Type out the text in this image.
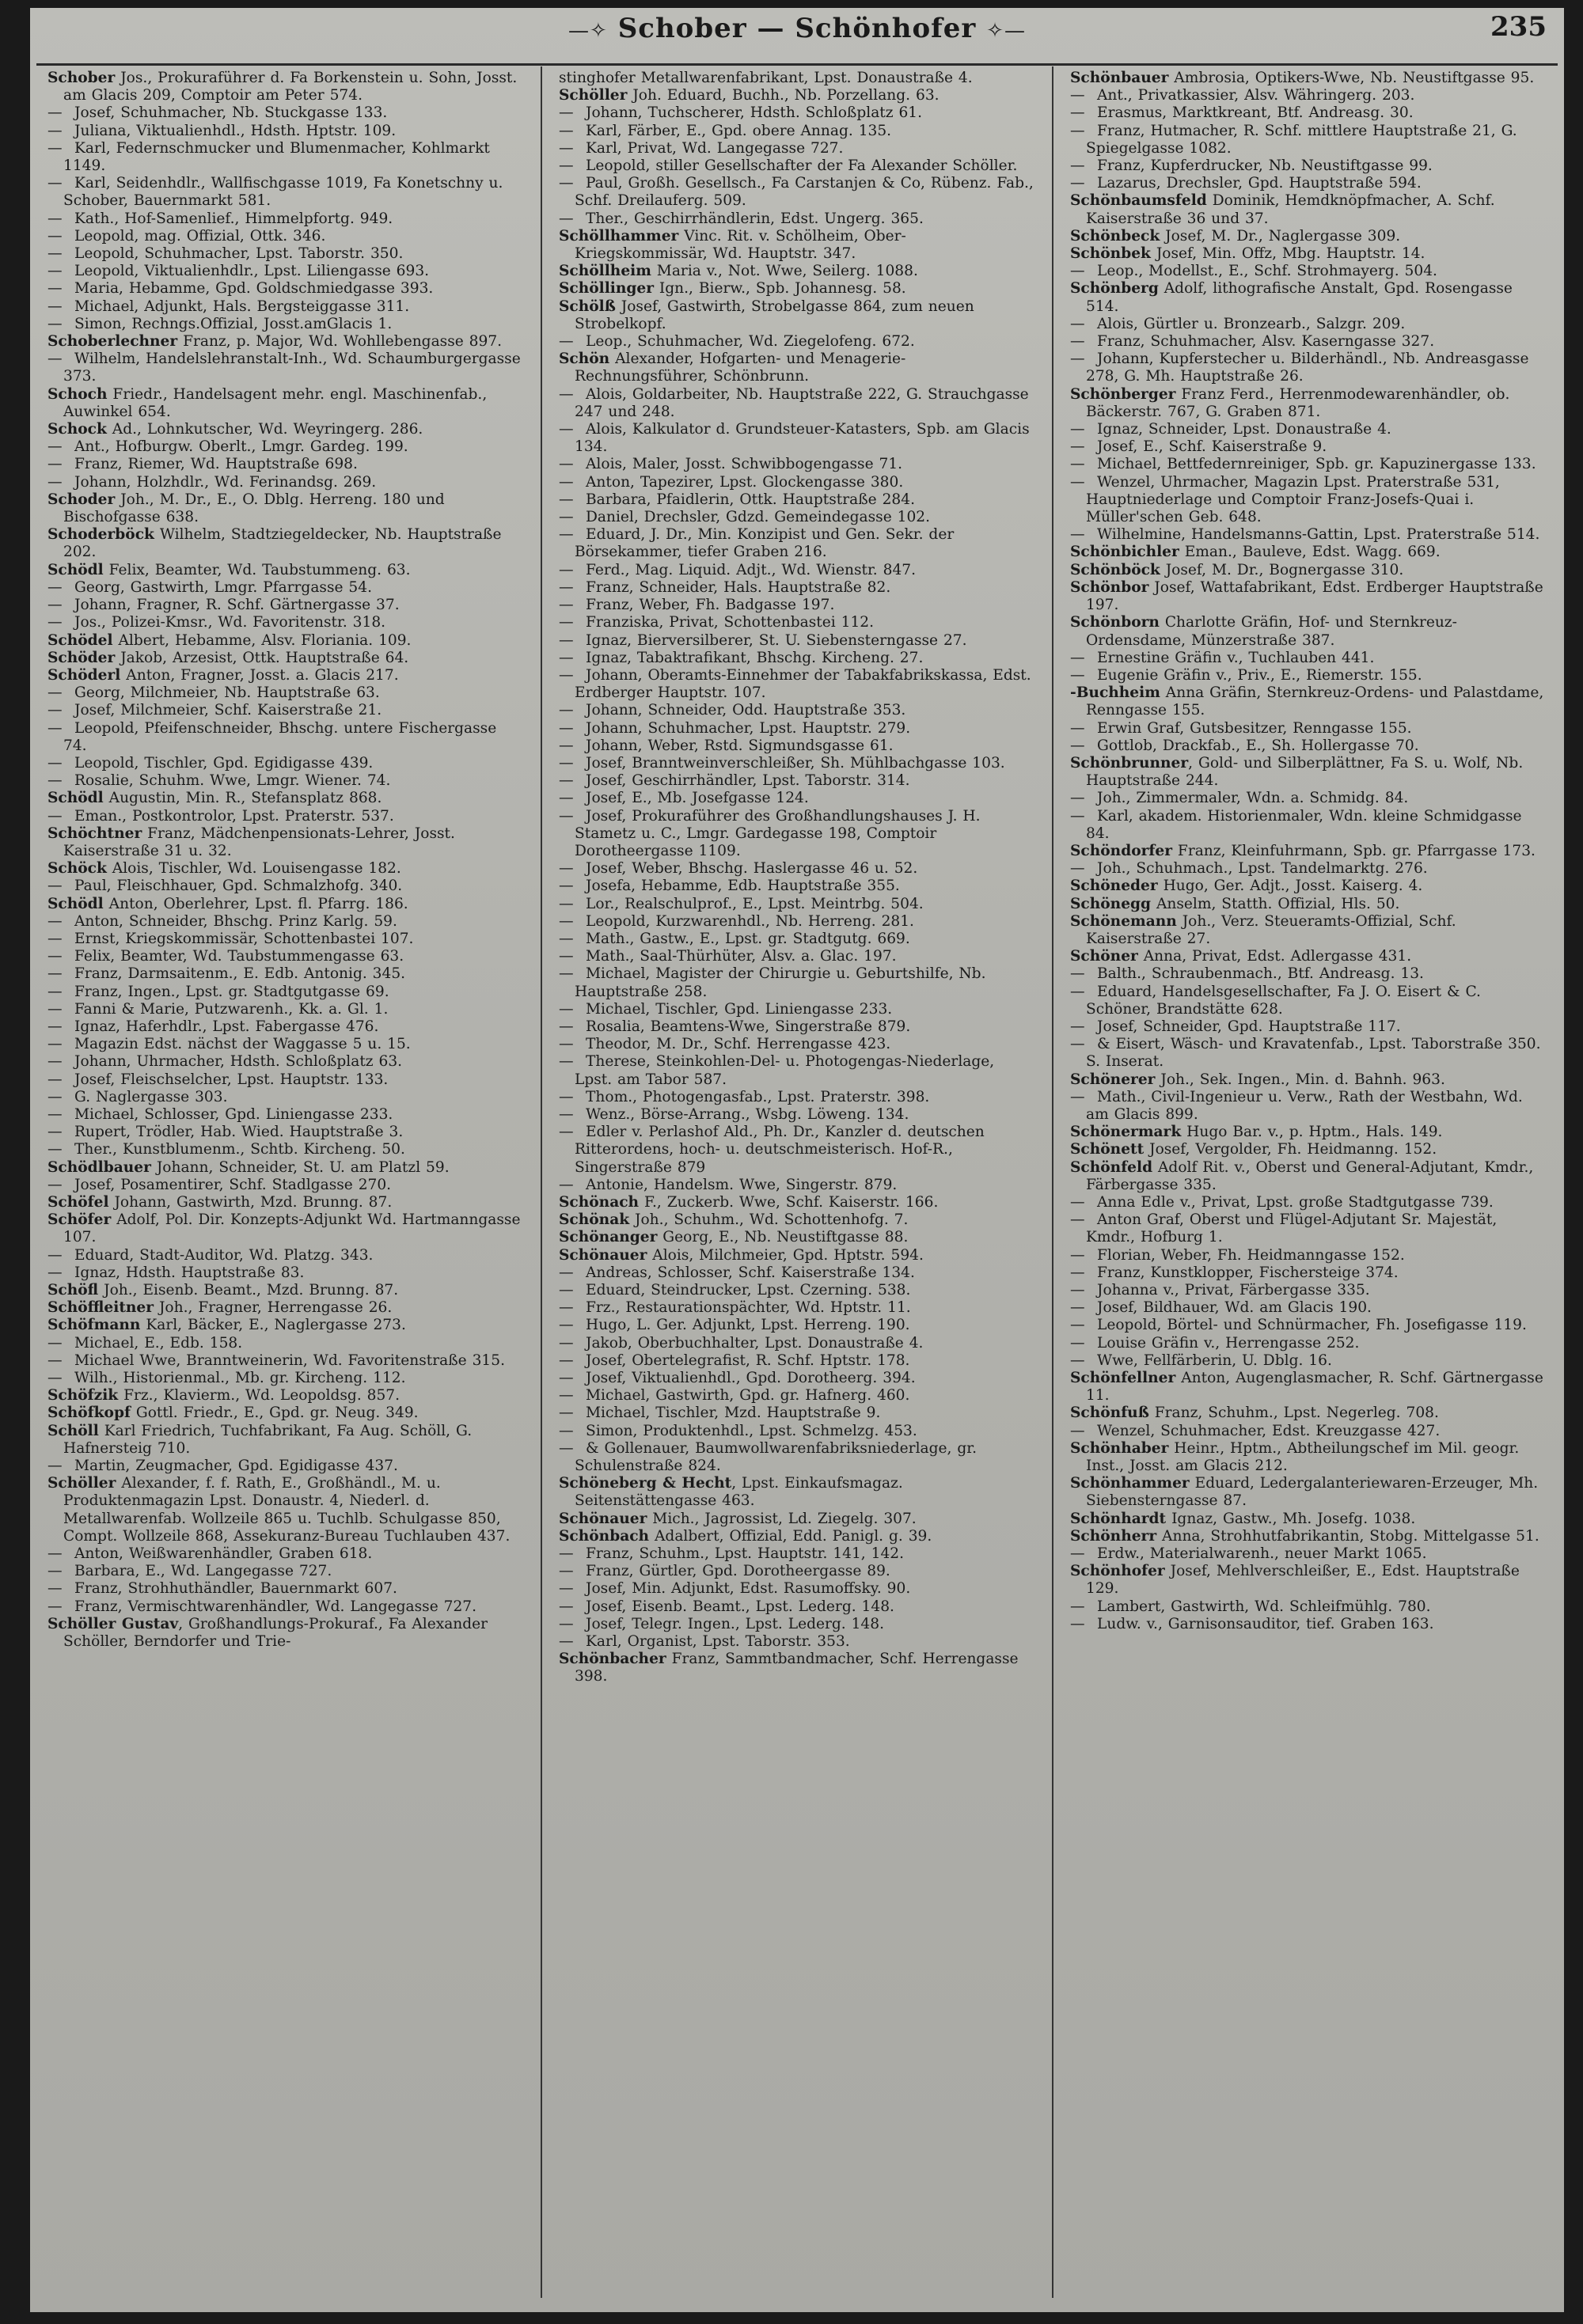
—✧ Schober — Schönhofer ✧—	235

Schober Jos., Prokuraführer d. Fa Borkenstein u. Sohn, Josst. am Glacis 209, Comptoir am Peter 574.

— Josef, Schuhmacher, Nb. Stuckgasse 133.

— Juliana, Viktualienhdl., Hdsth. Hptstr. 109.

— Karl, Federnschmucker und Blumenmacher, Kohlmarkt 1149.

— Karl, Seidenhdlr., Wallfischgasse 1019, Fa Konetschny u. Schober, Bauernmarkt 581.

— Kath., Hof-Samenlief., Himmelpfortg. 949.

— Leopold, mag. Offizial, Ottk. 346.

— Leopold, Schuhmacher, Lpst. Taborstr. 350.

— Leopold, Viktualienhdlr., Lpst. Liliengasse 693.

— Maria, Hebamme, Gpd. Goldschmiedgasse 393.

— Michael, Adjunkt, Hals. Bergsteiggasse 311.

— Simon, Rechngs.Offizial, Josst.amGlacis 1.

Schoberlechner Franz, p. Major, Wd. Wohllebengasse 897.

— Wilhelm, Handelslehranstalt-Inh., Wd. Schaumburgergasse 373.

Schoch Friedr., Handelsagent mehr. engl. Maschinenfab., Auwinkel 654.

Schock Ad., Lohnkutscher, Wd. Weyringerg. 286.

— Ant., Hofburgw. Oberlt., Lmgr. Gardeg. 199.

— Franz, Riemer, Wd. Hauptstraße 698.

— Johann, Holzhdlr., Wd. Ferinandsg. 269.

Schoder Joh., M. Dr., E., O. Dblg. Herreng. 180 und Bischofgasse 638.

Schoderböck Wilhelm, Stadtziegeldecker, Nb. Hauptstraße 202.

Schödl Felix, Beamter, Wd. Taubstummeng. 63.

— Georg, Gastwirth, Lmgr. Pfarrgasse 54.

— Johann, Fragner, R. Schf. Gärtnergasse 37.

— Jos., Polizei-Kmsr., Wd. Favoritenstr. 318.

Schödel Albert, Hebamme, Alsv. Floriania. 109.

Schöder Jakob, Arzesist, Ottk. Hauptstraße 64.

Schöderl Anton, Fragner, Josst. a. Glacis 217.

— Georg, Milchmeier, Nb. Hauptstraße 63.

— Josef, Milchmeier, Schf. Kaiserstraße 21.

— Leopold, Pfeifenschneider, Bhschg. untere Fischergasse 74.

— Leopold, Tischler, Gpd. Egidigasse 439.

— Rosalie, Schuhm. Wwe, Lmgr. Wiener. 74.

Schödl Augustin, Min. R., Stefansplatz 868.

— Eman., Postkontrolor, Lpst. Praterstr. 537.

Schöchtner Franz, Mädchenpensionats-Lehrer, Josst. Kaiserstraße 31 u. 32.

Schöck Alois, Tischler, Wd. Louisengasse 182.

— Paul, Fleischhauer, Gpd. Schmalzhofg. 340.

Schödl Anton, Oberlehrer, Lpst. fl. Pfarrg. 186.

— Anton, Schneider, Bhschg. Prinz Karlg. 59.

— Ernst, Kriegskommissär, Schottenbastei 107.

— Felix, Beamter, Wd. Taubstummengasse 63.

— Franz, Darmsaitenm., E. Edb. Antonig. 345.

— Franz, Ingen., Lpst. gr. Stadtgutgasse 69.

— Fanni & Marie, Putzwarenh., Kk. a. Gl. 1.

— Ignaz, Haferhdlr., Lpst. Fabergasse 476.

— Magazin Edst. nächst der Waggasse 5 u. 15.

— Johann, Uhrmacher, Hdsth. Schloßplatz 63.

— Josef, Fleischselcher, Lpst. Hauptstr. 133.

— G. Naglergasse 303.

— Michael, Schlosser, Gpd. Liniengasse 233.

— Rupert, Trödler, Hab. Wied. Hauptstraße 3.

— Ther., Kunstblumenm., Schtb. Kircheng. 50.

Schödlbauer Johann, Schneider, St. U. am Platzl 59.

— Josef, Posamentirer, Schf. Stadlgasse 270.

Schöfel Johann, Gastwirth, Mzd. Brunng. 87.

Schöfer Adolf, Pol. Dir. Konzepts-Adjunkt Wd. Hartmanngasse 107.

— Eduard, Stadt-Auditor, Wd. Platzg. 343.

— Ignaz, Hdsth. Hauptstraße 83.

Schöfl Joh., Eisenb. Beamt., Mzd. Brunng. 87.

Schöffleitner Joh., Fragner, Herrengasse 26.

Schöfmann Karl, Bäcker, E., Naglergasse 273.

— Michael, E., Edb. 158.

— Michael Wwe, Branntweinerin, Wd. Favoritenstraße 315.

— Wilh., Historienmal., Mb. gr. Kircheng. 112.

Schöfzik Frz., Klavierm., Wd. Leopoldsg. 857.

Schöfkopf Gottl. Friedr., E., Gpd. gr. Neug. 349.

Schöll Karl Friedrich, Tuchfabrikant, Fa Aug. Schöll, G. Hafnersteig 710.

— Martin, Zeugmacher, Gpd. Egidigasse 437.

Schöller Alexander, f. f. Rath, E., Großhändl., M. u. Produktenmagazin Lpst. Donaustr. 4, Niederl. d. Metallwarenfab. Wollzeile 865 u. Tuchlb. Schulgasse 850, Compt. Wollzeile 868, Assekuranz-Bureau Tuchlauben 437.

— Anton, Weißwarenhändler, Graben 618.

— Barbara, E., Wd. Langegasse 727.

— Franz, Strohhuthändler, Bauernmarkt 607.

— Franz, Vermischtwarenhändler, Wd. Langegasse 727.

Schöller Gustav, Großhandlungs-Prokuraf., Fa Alexander Schöller, Berndorfer und Trie-

stinghofer Metallwarenfabrikant, Lpst. Donaustraße 4.

Schöller Joh. Eduard, Buchh., Nb. Porzellang. 63.

— Johann, Tuchscherer, Hdsth. Schloßplatz 61.

— Karl, Färber, E., Gpd. obere Annag. 135.

— Karl, Privat, Wd. Langegasse 727.

— Leopold, stiller Gesellschafter der Fa Alexander Schöller.

— Paul, Großh. Gesellsch., Fa Carstanjen & Co, Rübenz. Fab., Schf. Dreilauferg. 509.

— Ther., Geschirrhändlerin, Edst. Ungerg. 365.

Schöllhammer Vinc. Rit. v. Schölheim, Ober-Kriegskommissär, Wd. Hauptstr. 347.

Schöllheim Maria v., Not. Wwe, Seilerg. 1088.

Schöllinger Ign., Bierw., Spb. Johannesg. 58.

Schölß Josef, Gastwirth, Strobelgasse 864, zum neuen Strobelkopf.

— Leop., Schuhmacher, Wd. Ziegelofeng. 672.

Schön Alexander, Hofgarten- und Menagerie-Rechnungsführer, Schönbrunn.

— Alois, Goldarbeiter, Nb. Hauptstraße 222, G. Strauchgasse 247 und 248.

— Alois, Kalkulator d. Grundsteuer-Katasters, Spb. am Glacis 134.

— Alois, Maler, Josst. Schwibbogengasse 71.

— Anton, Tapezirer, Lpst. Glockengasse 380.

— Barbara, Pfaidlerin, Ottk. Hauptstraße 284.

— Daniel, Drechsler, Gdzd. Gemeindegasse 102.

— Eduard, J. Dr., Min. Konzipist und Gen. Sekr. der Börsekammer, tiefer Graben 216.

— Ferd., Mag. Liquid. Adjt., Wd. Wienstr. 847.

— Franz, Schneider, Hals. Hauptstraße 82.

— Franz, Weber, Fh. Badgasse 197.

— Franziska, Privat, Schottenbastei 112.

— Ignaz, Bierversilberer, St. U. Siebensterngasse 27.

— Ignaz, Tabaktrafikant, Bhschg. Kircheng. 27.

— Johann, Oberamts-Einnehmer der Tabakfabrikskassa, Edst. Erdberger Hauptstr. 107.

— Johann, Schneider, Odd. Hauptstraße 353.

— Johann, Schuhmacher, Lpst. Hauptstr. 279.

— Johann, Weber, Rstd. Sigmundsgasse 61.

— Josef, Branntweinverschleißer, Sh. Mühlbachgasse 103.

— Josef, Geschirrhändler, Lpst. Taborstr. 314.

— Josef, E., Mb. Josefgasse 124.

— Josef, Prokuraführer des Großhandlungshauses J. H. Stametz u. C., Lmgr. Gardegasse 198, Comptoir Dorotheergasse 1109.

— Josef, Weber, Bhschg. Haslergasse 46 u. 52.

— Josefa, Hebamme, Edb. Hauptstraße 355.

— Lor., Realschulprof., E., Lpst. Meintrbg. 504.

— Leopold, Kurzwarenhdl., Nb. Herreng. 281.

— Math., Gastw., E., Lpst. gr. Stadtgutg. 669.

— Math., Saal-Thürhüter, Alsv. a. Glac. 197.

— Michael, Magister der Chirurgie u. Geburtshilfe, Nb. Hauptstraße 258.

— Michael, Tischler, Gpd. Liniengasse 233.

— Rosalia, Beamtens-Wwe, Singerstraße 879.

— Theodor, M. Dr., Schf. Herrengasse 423.

— Therese, Steinkohlen-Del- u. Photogengas-Niederlage, Lpst. am Tabor 587.

— Thom., Photogengasfab., Lpst. Praterstr. 398.

— Wenz., Börse-Arrang., Wsbg. Löweng. 134.

— Edler v. Perlashof Ald., Ph. Dr., Kanzler d. deutschen Ritterordens, hoch- u. deutschmeisterisch. Hof-R., Singerstraße 879

— Antonie, Handelsm. Wwe, Singerstr. 879.

Schönach F., Zuckerb. Wwe, Schf. Kaiserstr. 166.

Schönak Joh., Schuhm., Wd. Schottenhofg. 7.

Schönanger Georg, E., Nb. Neustiftgasse 88.

Schönauer Alois, Milchmeier, Gpd. Hptstr. 594.

— Andreas, Schlosser, Schf. Kaiserstraße 134.

— Eduard, Steindrucker, Lpst. Czerning. 538.

— Frz., Restaurationspächter, Wd. Hptstr. 11.

— Hugo, L. Ger. Adjunkt, Lpst. Herreng. 190.

— Jakob, Oberbuchhalter, Lpst. Donaustraße 4.

— Josef, Obertelegrafist, R. Schf. Hptstr. 178.

— Josef, Viktualienhdl., Gpd. Dorotheerg. 394.

— Michael, Gastwirth, Gpd. gr. Hafnerg. 460.

— Michael, Tischler, Mzd. Hauptstraße 9.

— Simon, Produktenhdl., Lpst. Schmelzg. 453.

— & Gollenauer, Baumwollwarenfabriksniederlage, gr. Schulenstraße 824.

Schöneberg & Hecht, Lpst. Einkaufsmagaz. Seitenstättengasse 463.

Schönauer Mich., Jagrossist, Ld. Ziegelg. 307.

Schönbach Adalbert, Offizial, Edd. Panigl. g. 39.

— Franz, Schuhm., Lpst. Hauptstr. 141, 142.

— Franz, Gürtler, Gpd. Dorotheergasse 89.

— Josef, Min. Adjunkt, Edst. Rasumoffsky. 90.

— Josef, Eisenb. Beamt., Lpst. Lederg. 148.

— Josef, Telegr. Ingen., Lpst. Lederg. 148.

— Karl, Organist, Lpst. Taborstr. 353.

Schönbacher Franz, Sammtbandmacher, Schf. Herrengasse 398.

Schönbauer Ambrosia, Optikers-Wwe, Nb. Neustiftgasse 95.

— Ant., Privatkassier, Alsv. Währingerg. 203.

— Erasmus, Marktkreant, Btf. Andreasg. 30.

— Franz, Hutmacher, R. Schf. mittlere Hauptstraße 21, G. Spiegelgasse 1082.

— Franz, Kupferdrucker, Nb. Neustiftgasse 99.

— Lazarus, Drechsler, Gpd. Hauptstraße 594.

Schönbaumsfeld Dominik, Hemdknöpfmacher, A. Schf. Kaiserstraße 36 und 37.

Schönbeck Josef, M. Dr., Naglergasse 309.

Schönbek Josef, Min. Offz, Mbg. Hauptstr. 14.

— Leop., Modellst., E., Schf. Strohmayerg. 504.

Schönberg Adolf, lithografische Anstalt, Gpd. Rosengasse 514.

— Alois, Gürtler u. Bronzearb., Salzgr. 209.

— Franz, Schuhmacher, Alsv. Kaserngasse 327.

— Johann, Kupferstecher u. Bilderhändl., Nb. Andreasgasse 278, G. Mh. Hauptstraße 26.

Schönberger Franz Ferd., Herrenmodewarenhändler, ob. Bäckerstr. 767, G. Graben 871.

— Ignaz, Schneider, Lpst. Donaustraße 4.

— Josef, E., Schf. Kaiserstraße 9.

— Michael, Bettfedernreiniger, Spb. gr. Kapuzinergasse 133.

— Wenzel, Uhrmacher, Magazin Lpst. Praterstraße 531, Hauptniederlage und Comptoir Franz-Josefs-Quai i. Müller'schen Geb. 648.

— Wilhelmine, Handelsmanns-Gattin, Lpst. Praterstraße 514.

Schönbichler Eman., Bauleve, Edst. Wagg. 669.

Schönböck Josef, M. Dr., Bognergasse 310.

Schönbor Josef, Wattafabrikant, Edst. Erdberger Hauptstraße 197.

Schönborn Charlotte Gräfin, Hof- und Sternkreuz-Ordensdame, Münzerstraße 387.

— Ernestine Gräfin v., Tuchlauben 441.

— Eugenie Gräfin v., Priv., E., Riemerstr. 155.

-Buchheim Anna Gräfin, Sternkreuz-Ordens- und Palastdame, Renngasse 155.

— Erwin Graf, Gutsbesitzer, Renngasse 155.

— Gottlob, Drackfab., E., Sh. Hollergasse 70.

Schönbrunner, Gold- und Silberplättner, Fa S. u. Wolf, Nb. Hauptstraße 244.

— Joh., Zimmermaler, Wdn. a. Schmidg. 84.

— Karl, akadem. Historienmaler, Wdn. kleine Schmidgasse 84.

Schöndorfer Franz, Kleinfuhrmann, Spb. gr. Pfarrgasse 173.

— Joh., Schuhmach., Lpst. Tandelmarktg. 276.

Schöneder Hugo, Ger. Adjt., Josst. Kaiserg. 4.

Schönegg Anselm, Statth. Offizial, Hls. 50.

Schönemann Joh., Verz. Steueramts-Offizial, Schf. Kaiserstraße 27.

Schöner Anna, Privat, Edst. Adlergasse 431.

— Balth., Schraubenmach., Btf. Andreasg. 13.

— Eduard, Handelsgesellschafter, Fa J. O. Eisert & C. Schöner, Brandstätte 628.

— Josef, Schneider, Gpd. Hauptstraße 117.

— & Eisert, Wäsch- und Kravatenfab., Lpst. Taborstraße 350. S. Inserat.

Schönerer Joh., Sek. Ingen., Min. d. Bahnh. 963.

— Math., Civil-Ingenieur u. Verw., Rath der Westbahn, Wd. am Glacis 899.

Schönermark Hugo Bar. v., p. Hptm., Hals. 149.

Schönett Josef, Vergolder, Fh. Heidmanng. 152.

Schönfeld Adolf Rit. v., Oberst und General-Adjutant, Kmdr., Färbergasse 335.

— Anna Edle v., Privat, Lpst. große Stadtgutgasse 739.

— Anton Graf, Oberst und Flügel-Adjutant Sr. Majestät, Kmdr., Hofburg 1.

— Florian, Weber, Fh. Heidmanngasse 152.

— Franz, Kunstklopper, Fischersteige 374.

— Johanna v., Privat, Färbergasse 335.

— Josef, Bildhauer, Wd. am Glacis 190.

— Leopold, Börtel- und Schnürmacher, Fh. Josefigasse 119.

— Louise Gräfin v., Herrengasse 252.

— Wwe, Fellfärberin, U. Dblg. 16.

Schönfellner Anton, Augenglasmacher, R. Schf. Gärtnergasse 11.

Schönfuß Franz, Schuhm., Lpst. Negerleg. 708.

— Wenzel, Schuhmacher, Edst. Kreuzgasse 427.

Schönhaber Heinr., Hptm., Abtheilungschef im Mil. geogr. Inst., Josst. am Glacis 212.

Schönhammer Eduard, Ledergalanteriewaren-Erzeuger, Mh. Siebensterngasse 87.

Schönhardt Ignaz, Gastw., Mh. Josefg. 1038.

Schönherr Anna, Strohhutfabrikantin, Stobg. Mittelgasse 51.

— Erdw., Materialwarenh., neuer Markt 1065.

Schönhofer Josef, Mehlverschleißer, E., Edst. Hauptstraße 129.

— Lambert, Gastwirth, Wd. Schleifmühlg. 780.

— Ludw. v., Garnisonsauditor, tief. Graben 163.
